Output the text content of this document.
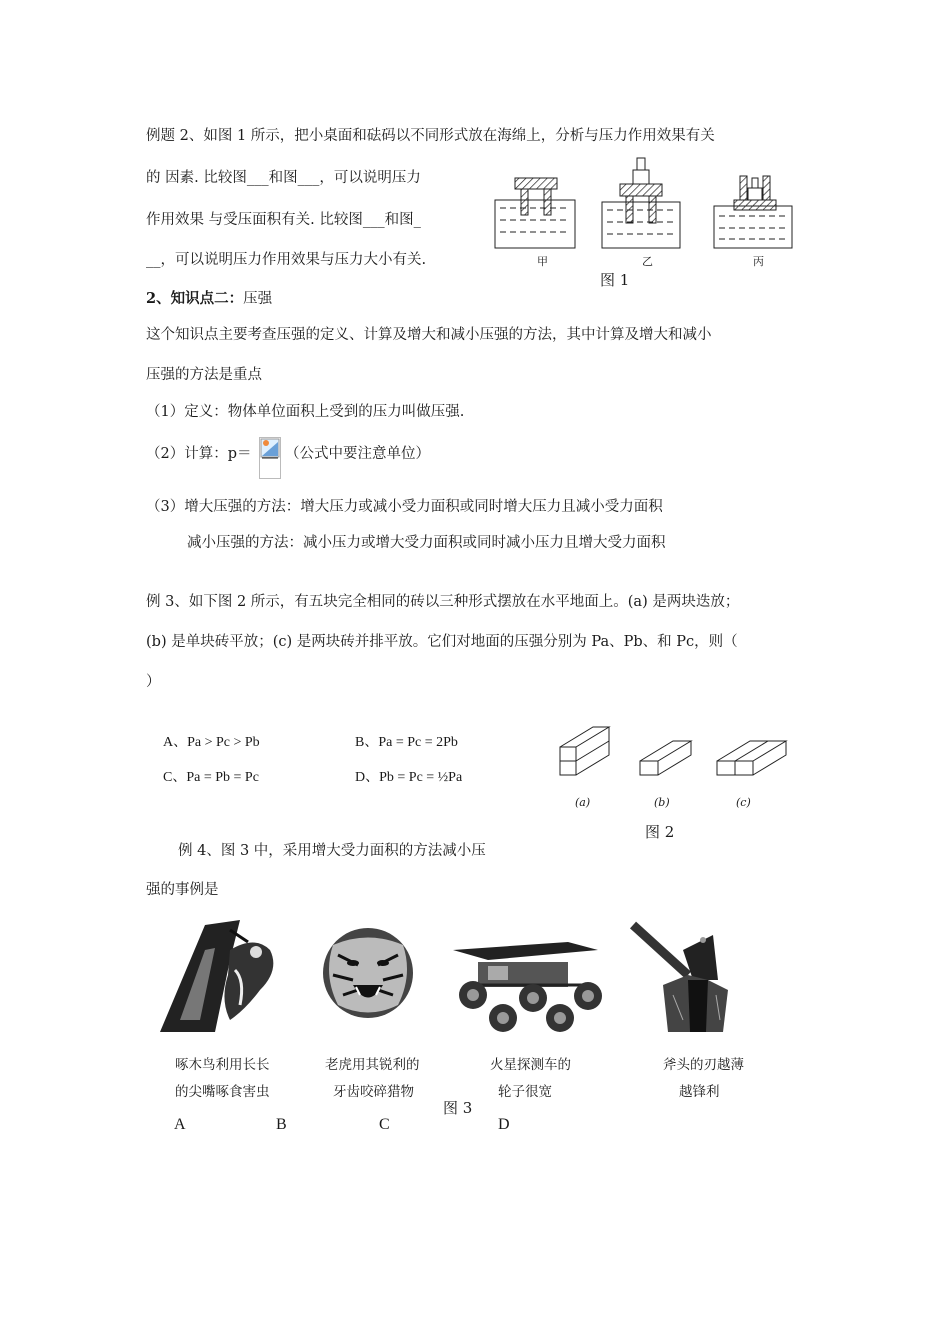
例题 2、如图 1 所示，把小桌面和砝码以不同形式放在海绵上，分析与压力作用效果有关
的 因素. 比较图___和图___，可以说明压力
作用效果 与受压面积有关. 比较图___和图_
__，可以说明压力作用效果与压力大小有关.	甲	乙	丙
图 1
2、知识点二：压强
这个知识点主要考查压强的定义、计算及增大和减小压强的方法，其中计算及增大和减小
压强的方法是重点
（1）定义：物体单位面积上受到的压力叫做压强.
（2）计算：p＝ （公式中要注意单位）
（3）增大压强的方法：增大压力或减小受力面积或同时增大压力且减小受力面积
减小压强的方法：减小压力或增大受力面积或同时减小压力且增大受力面积
例 3、如下图 2 所示，有五块完全相同的砖以三种形式摆放在水平地面上。(a) 是两块迭放；
(b) 是单块砖平放；(c) 是两块砖并排平放。它们对地面的压强分别为 Pa、Pb、和 Pc，则（
）
A、Pa > Pc > Pb	B、Pa = Pc = 2Pb
C、Pa = Pb = Pc	D、Pb = Pc = ½Pa
(a)	(b)	(c)
图 2
例 4、图 3 中，采用增大受力面积的方法减小压
强的事例是
啄木鸟利用长长
的尖嘴啄食害虫
老虎用其锐利的
牙齿咬碎猎物
火星探测车的
轮子很宽
斧头的刃越薄
越锋利
图 3
A	B	C	D
